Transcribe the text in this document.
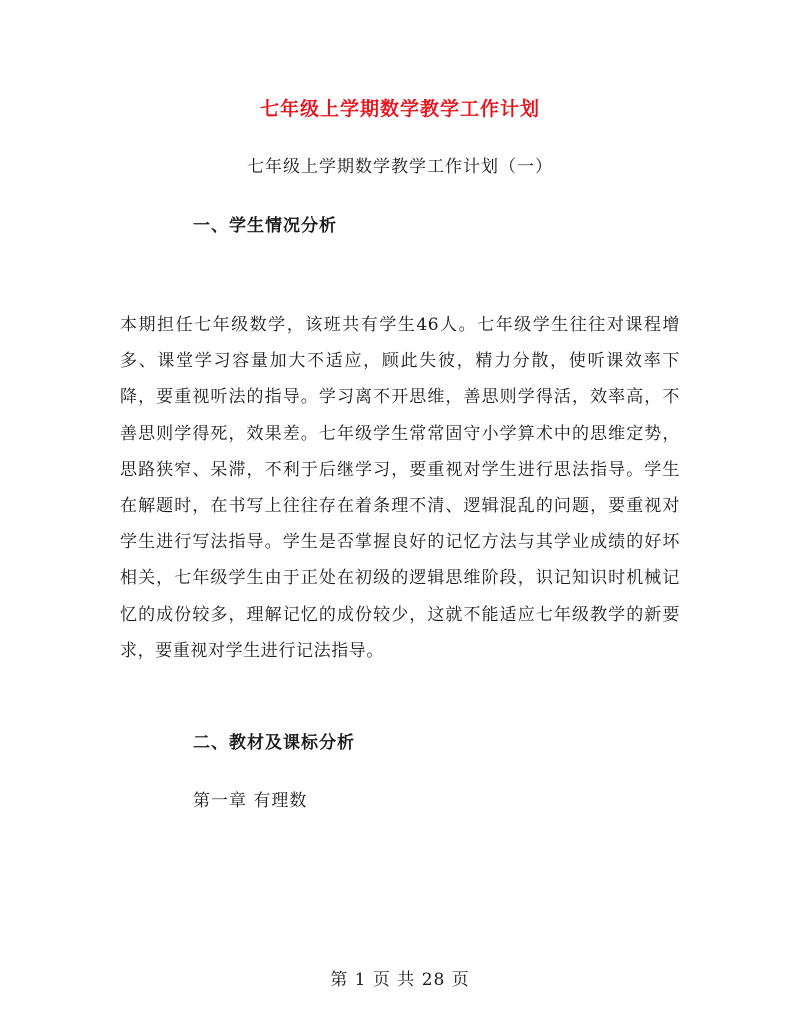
七年级上学期数学教学工作计划
七年级上学期数学教学工作计划（一）
一、学生情况分析
本期担任七年级数学，该班共有学生46人。七年级学生往往对课程增多、课堂学习容量加大不适应，顾此失彼，精力分散，使听课效率下降，要重视听法的指导。学习离不开思维，善思则学得活，效率高，不善思则学得死，效果差。七年级学生常常固守小学算术中的思维定势，思路狭窄、呆滞，不利于后继学习，要重视对学生进行思法指导。学生在解题时，在书写上往往存在着条理不清、逻辑混乱的问题，要重视对学生进行写法指导。学生是否掌握良好的记忆方法与其学业成绩的好坏相关，七年级学生由于正处在初级的逻辑思维阶段，识记知识时机械记忆的成份较多，理解记忆的成份较少，这就不能适应七年级教学的新要求，要重视对学生进行记法指导。
二、教材及课标分析
第一章 有理数
第 1 页 共 28 页
